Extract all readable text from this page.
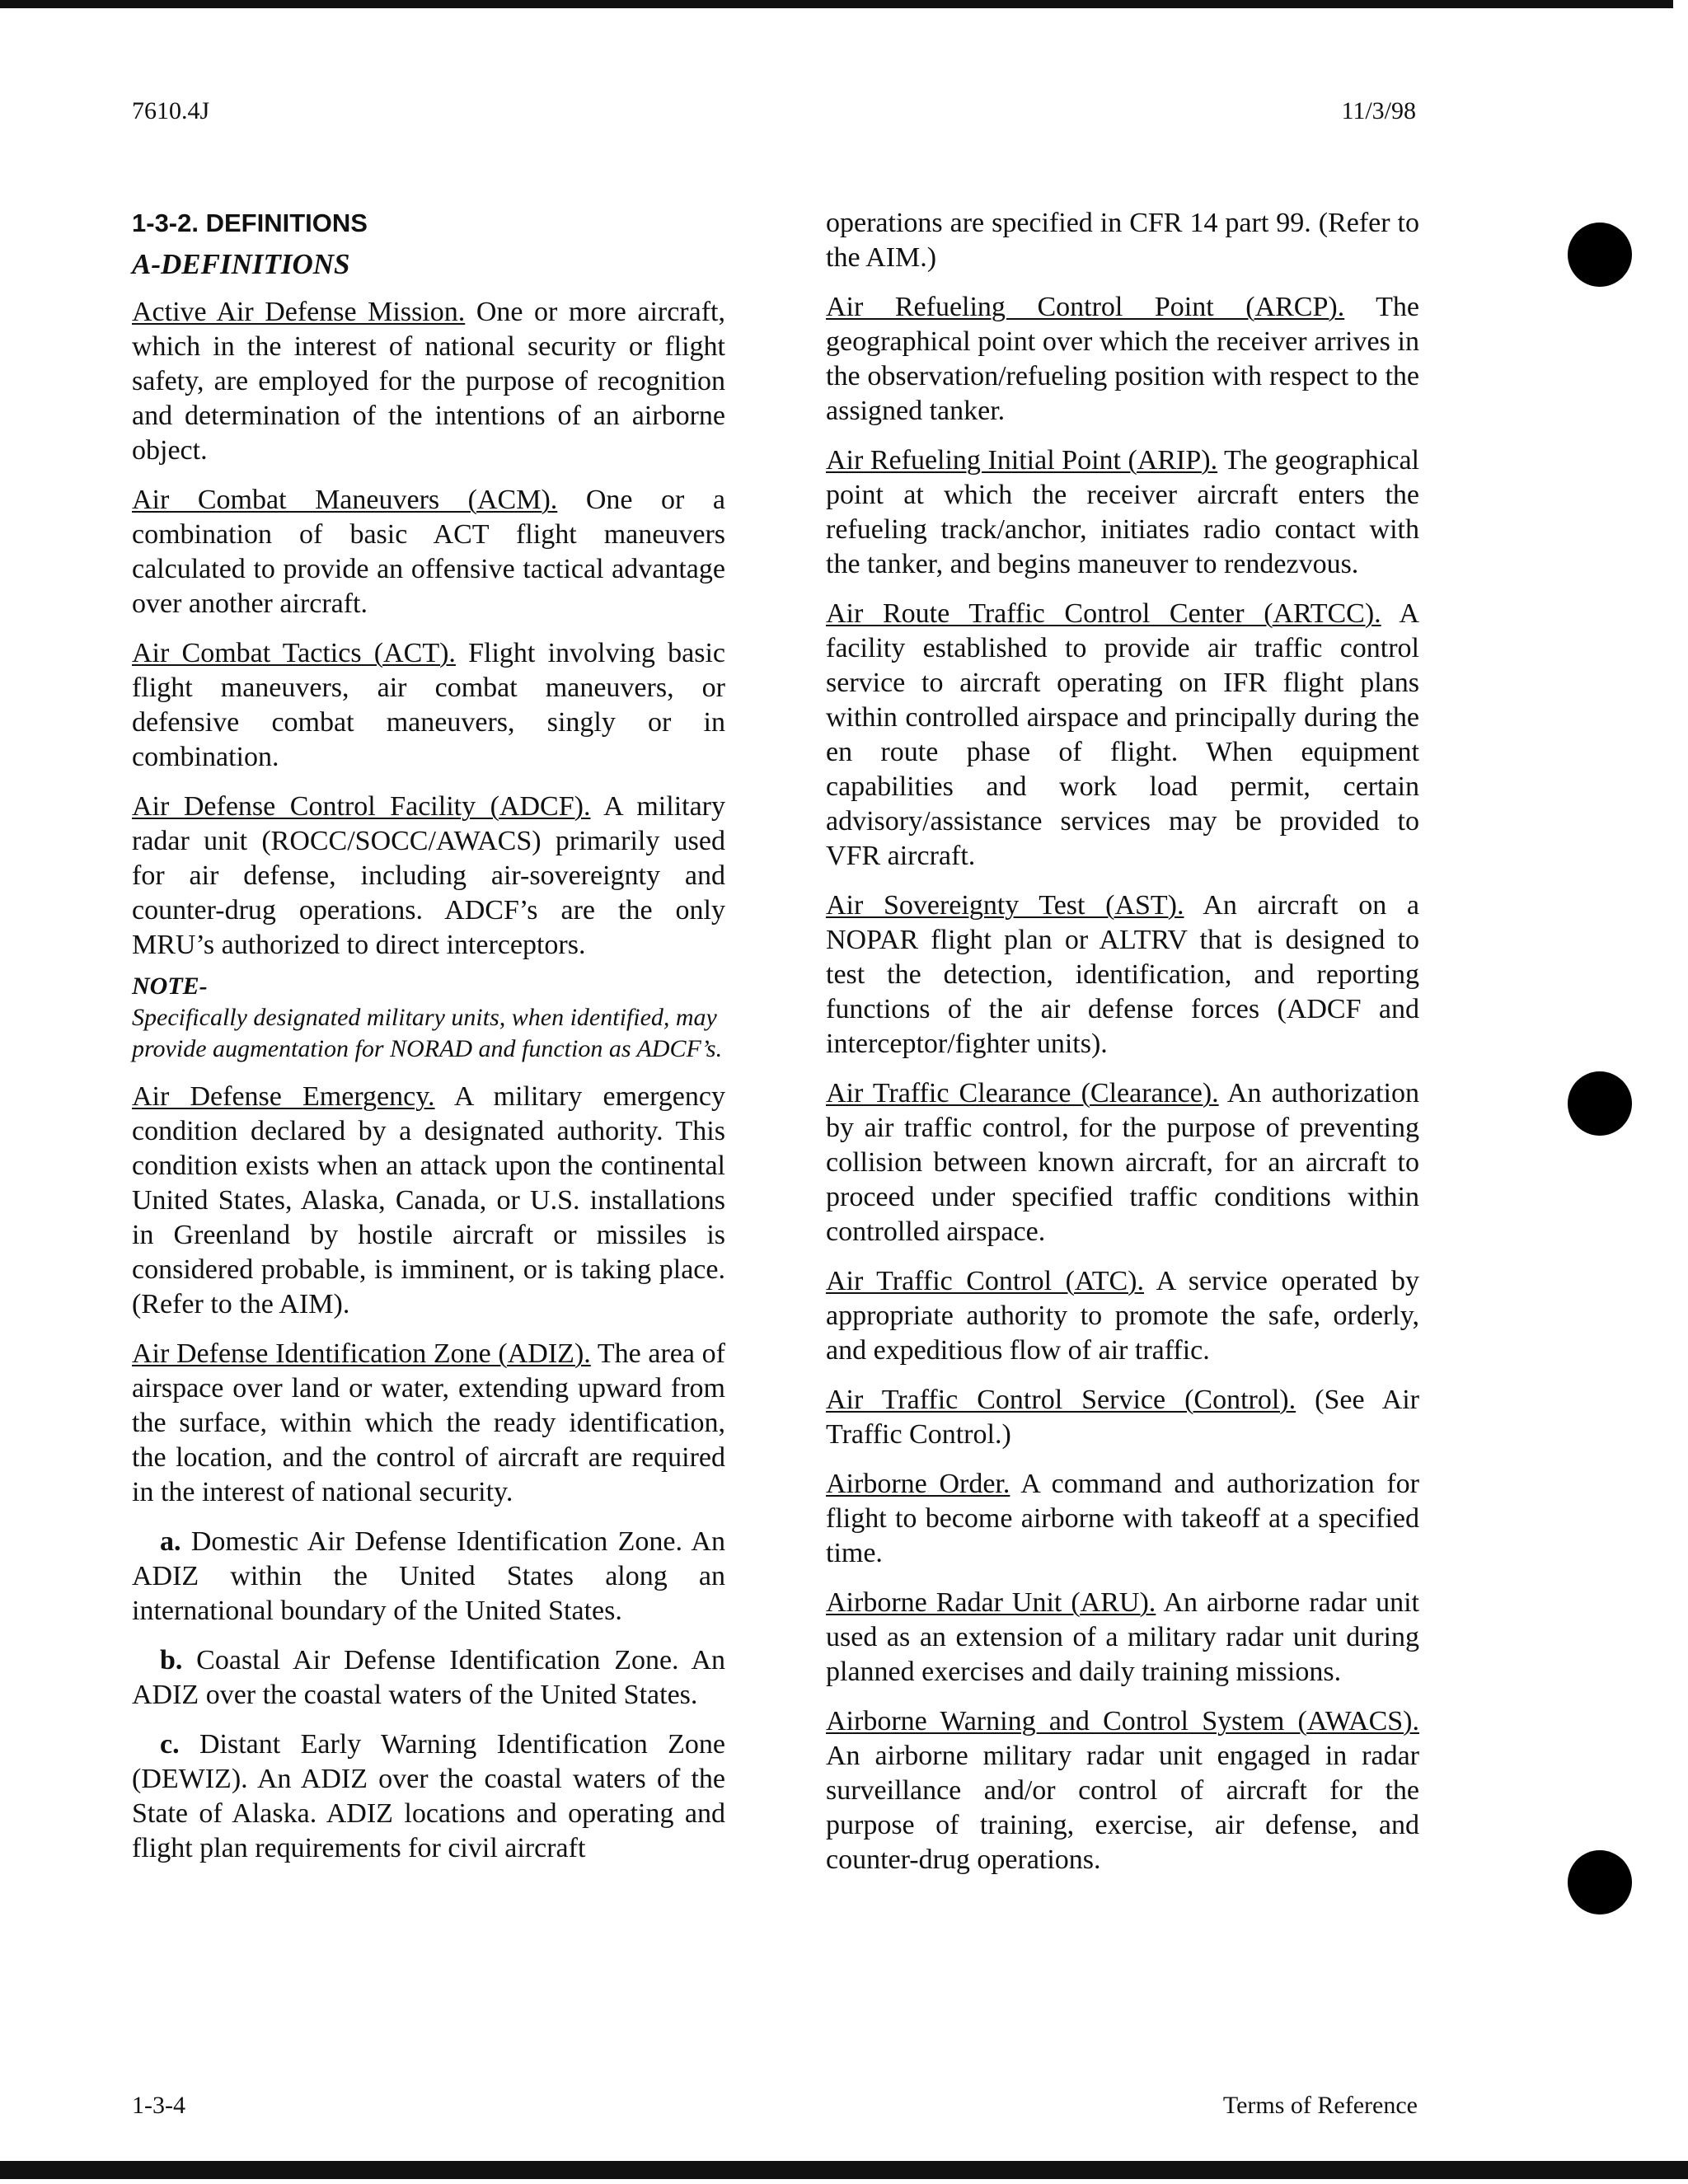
7610.4J	11/3/98

1-3-2. DEFINITIONS

A-DEFINITIONS

Active Air Defense Mission. One or more aircraft, which in the interest of national security or flight safety, are employed for the purpose of recognition and determination of the intentions of an airborne object.

Air Combat Maneuvers (ACM). One or a combination of basic ACT flight maneuvers calculated to provide an offensive tactical advantage over another aircraft.

Air Combat Tactics (ACT). Flight involving basic flight maneuvers, air combat maneuvers, or defensive combat maneuvers, singly or in combination.

Air Defense Control Facility (ADCF). A military radar unit (ROCC/SOCC/AWACS) primarily used for air defense, including air-sovereignty and counter-drug operations. ADCF’s are the only MRU’s authorized to direct interceptors.

NOTE-

Specifically designated military units, when identified, may provide augmentation for NORAD and function as ADCF’s.

Air Defense Emergency. A military emergency condition declared by a designated authority. This condition exists when an attack upon the continental United States, Alaska, Canada, or U.S. installations in Greenland by hostile aircraft or missiles is considered probable, is imminent, or is taking place. (Refer to the AIM).

Air Defense Identification Zone (ADIZ). The area of airspace over land or water, extending upward from the surface, within which the ready identification, the location, and the control of aircraft are required in the interest of national security.

a. Domestic Air Defense Identification Zone. An ADIZ within the United States along an international boundary of the United States.

b. Coastal Air Defense Identification Zone. An ADIZ over the coastal waters of the United States.

c. Distant Early Warning Identification Zone (DEWIZ). An ADIZ over the coastal waters of the State of Alaska. ADIZ locations and operating and flight plan requirements for civil aircraft

operations are specified in CFR 14 part 99. (Refer to the AIM.)

Air Refueling Control Point (ARCP). The geographical point over which the receiver arrives in the observation/refueling position with respect to the assigned tanker.

Air Refueling Initial Point (ARIP). The geographical point at which the receiver aircraft enters the refueling track/anchor, initiates radio contact with the tanker, and begins maneuver to rendezvous.

Air Route Traffic Control Center (ARTCC). A facility established to provide air traffic control service to aircraft operating on IFR flight plans within controlled airspace and principally during the en route phase of flight. When equipment capabilities and work load permit, certain advisory/assistance services may be provided to VFR aircraft.

Air Sovereignty Test (AST). An aircraft on a NOPAR flight plan or ALTRV that is designed to test the detection, identification, and reporting functions of the air defense forces (ADCF and interceptor/fighter units).

Air Traffic Clearance (Clearance). An authorization by air traffic control, for the purpose of preventing collision between known aircraft, for an aircraft to proceed under specified traffic conditions within controlled airspace.

Air Traffic Control (ATC). A service operated by appropriate authority to promote the safe, orderly, and expeditious flow of air traffic.

Air Traffic Control Service (Control). (See Air Traffic Control.)

Airborne Order. A command and authorization for flight to become airborne with takeoff at a specified time.

Airborne Radar Unit (ARU). An airborne radar unit used as an extension of a military radar unit during planned exercises and daily training missions.

Airborne Warning and Control System (AWACS). An airborne military radar unit engaged in radar surveillance and/or control of aircraft for the purpose of training, exercise, air defense, and counter-drug operations.

1-3-4	Terms of Reference
